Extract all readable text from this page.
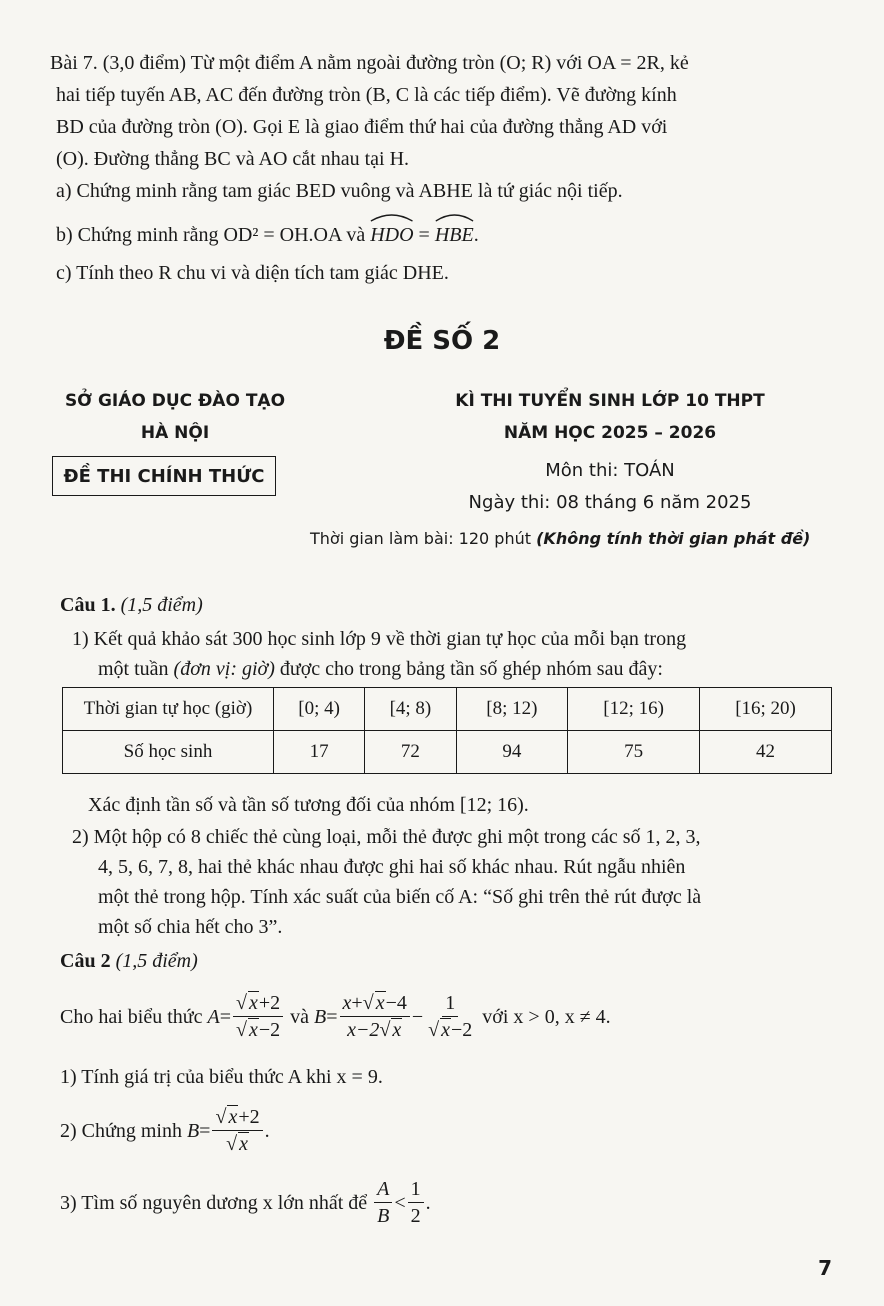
Bài 7. (3,0 điểm) Từ một điểm A nằm ngoài đường tròn (O; R) với OA = 2R, kẻ
hai tiếp tuyến AB, AC đến đường tròn (B, C là các tiếp điểm). Vẽ đường kính
BD của đường tròn (O). Gọi E là giao điểm thứ hai của đường thẳng AD với
(O). Đường thẳng BC và AO cắt nhau tại H.
a) Chứng minh rằng tam giác BED vuông và ABHE là tứ giác nội tiếp.
b) Chứng minh rằng OD² = OH.OA và HDO = HBE.
c) Tính theo R chu vi và diện tích tam giác DHE.
ĐỀ SỐ 2
SỞ GIÁO DỤC ĐÀO TẠO
HÀ NỘI
ĐỀ THI CHÍNH THỨC
KÌ THI TUYỂN SINH LỚP 10 THPT
NĂM HỌC 2025 – 2026
Môn thi: TOÁN
Ngày thi: 08 tháng 6 năm 2025
Thời gian làm bài: 120 phút (Không tính thời gian phát đề)
Câu 1. (1,5 điểm)
1) Kết quả khảo sát 300 học sinh lớp 9 về thời gian tự học của mỗi bạn trong
một tuần (đơn vị: giờ) được cho trong bảng tần số ghép nhóm sau đây:
Thời gian tự học (giờ)	[0; 4)	[4; 8)	[8; 12)	[12; 16)	[16; 20)
Số học sinh	17	72	94	75	42
Xác định tần số và tần số tương đối của nhóm [12; 16).
2) Một hộp có 8 chiếc thẻ cùng loại, mỗi thẻ được ghi một trong các số 1, 2, 3,
4, 5, 6, 7, 8, hai thẻ khác nhau được ghi hai số khác nhau. Rút ngẫu nhiên
một thẻ trong hộp. Tính xác suất của biến cố A: “Số ghi trên thẻ rút được là
một số chia hết cho 3”.
Câu 2 (1,5 điểm)
Cho hai biểu thức
$A = \frac{√ x+2}{√ x-2}$
và
$B = \frac{x+√ x-4}{x-2√ x} - \frac{1}{√ x-2}$
với x > 0, x ≠ 4.
1) Tính giá trị của biểu thức A khi x = 9.
2) Chứng minh
$B = \frac{√ x+2}{√ x}$ .
3) Tìm số nguyên dương x lớn nhất để
$\frac{A}{B} < \frac{1}{2}$ .
7
